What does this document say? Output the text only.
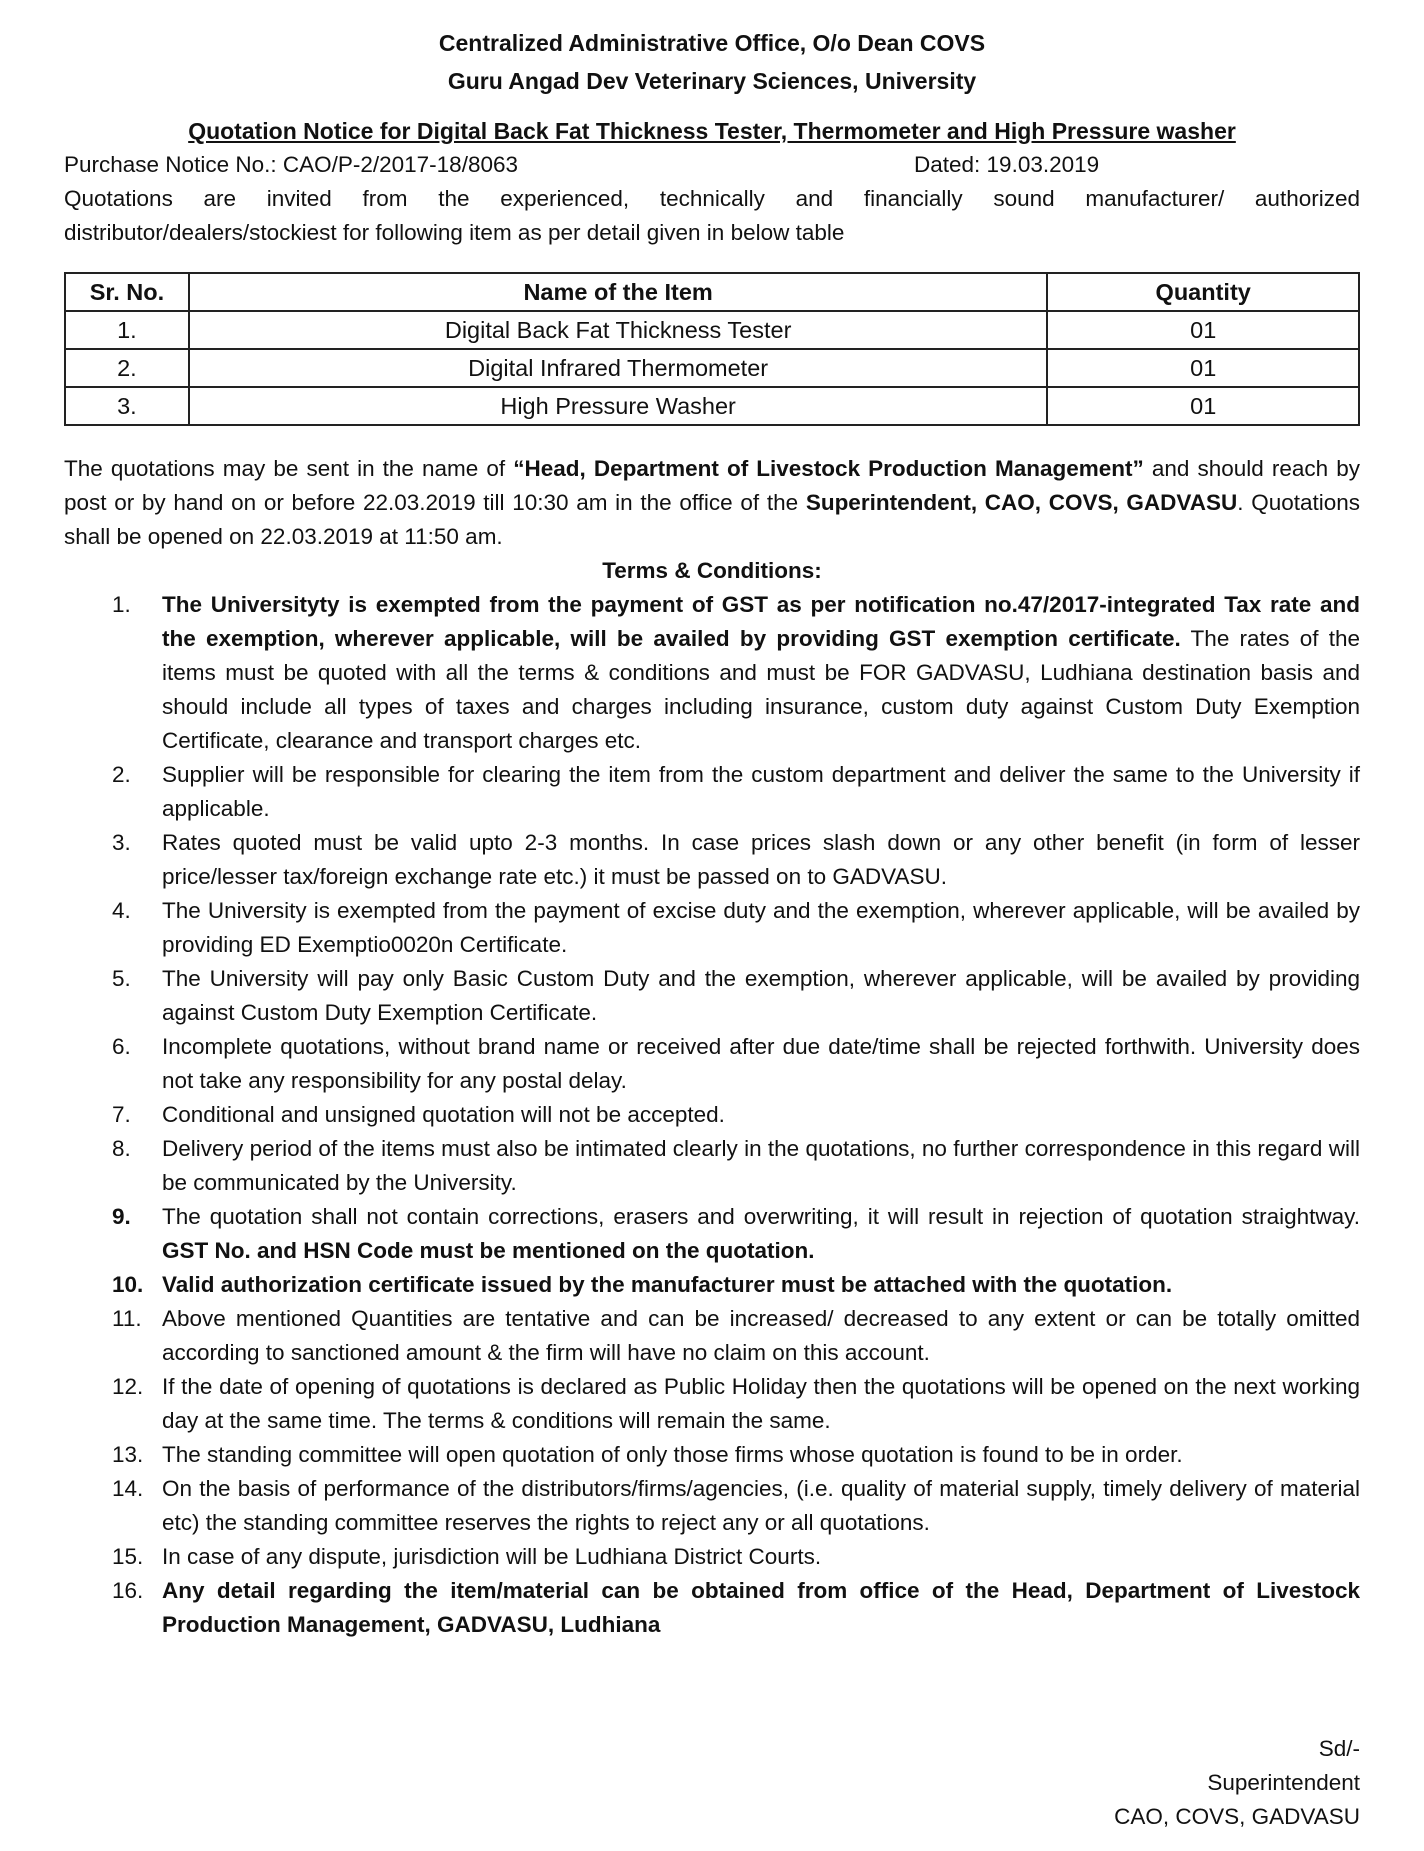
Centralized Administrative Office, O/o Dean COVS
Guru Angad Dev Veterinary Sciences, University
Quotation Notice for Digital Back Fat Thickness Tester, Thermometer and High Pressure washer
Purchase Notice No.: CAO/P-2/2017-18/8063	Dated: 19.03.2019
Quotations are invited from the experienced, technically and financially sound manufacturer/ authorized distributor/dealers/stockiest for following item as per detail given in below table
Sr. No.	Name of the Item	Quantity
1.	Digital Back Fat Thickness Tester	01
2.	Digital Infrared Thermometer	01
3.	High Pressure Washer	01
The quotations may be sent in the name of “Head, Department of Livestock Production Management” and should reach by post or by hand on or before 22.03.2019 till 10:30 am in the office of the Superintendent, CAO, COVS, GADVASU. Quotations shall be opened on 22.03.2019 at 11:50 am.
Terms & Conditions:
1.	The Universityty is exempted from the payment of GST as per notification no.47/2017-integrated Tax rate and the exemption, wherever applicable, will be availed by providing GST exemption certificate. The rates of the items must be quoted with all the terms & conditions and must be FOR GADVASU, Ludhiana destination basis and should include all types of taxes and charges including insurance, custom duty against Custom Duty Exemption Certificate, clearance and transport charges etc.
2.	Supplier will be responsible for clearing the item from the custom department and deliver the same to the University if applicable.
3.	Rates quoted must be valid upto 2-3 months. In case prices slash down or any other benefit (in form of lesser price/lesser tax/foreign exchange rate etc.) it must be passed on to GADVASU.
4.	The University is exempted from the payment of excise duty and the exemption, wherever applicable, will be availed by providing ED Exemptio0020n Certificate.
5.	The University will pay only Basic Custom Duty and the exemption, wherever applicable, will be availed by providing against Custom Duty Exemption Certificate.
6.	Incomplete quotations, without brand name or received after due date/time shall be rejected forthwith. University does not take any responsibility for any postal delay.
7.	Conditional and unsigned quotation will not be accepted.
8.	Delivery period of the items must also be intimated clearly in the quotations, no further correspondence in this regard will be communicated by the University.
9.	The quotation shall not contain corrections, erasers and overwriting, it will result in rejection of quotation straightway. GST No. and HSN Code must be mentioned on the quotation.
10. Valid authorization certificate issued by the manufacturer must be attached with the quotation.
11. Above mentioned Quantities are tentative and can be increased/ decreased to any extent or can be totally omitted according to sanctioned amount & the firm will have no claim on this account.
12. If the date of opening of quotations is declared as Public Holiday then the quotations will be opened on the next working day at the same time. The terms & conditions will remain the same.
13. The standing committee will open quotation of only those firms whose quotation is found to be in order.
14. On the basis of performance of the distributors/firms/agencies, (i.e. quality of material supply, timely delivery of material etc) the standing committee reserves the rights to reject any or all quotations.
15. In case of any dispute, jurisdiction will be Ludhiana District Courts.
16. Any detail regarding the item/material can be obtained from office of the Head, Department of Livestock Production Management, GADVASU, Ludhiana
Sd/-
Superintendent
CAO, COVS, GADVASU
